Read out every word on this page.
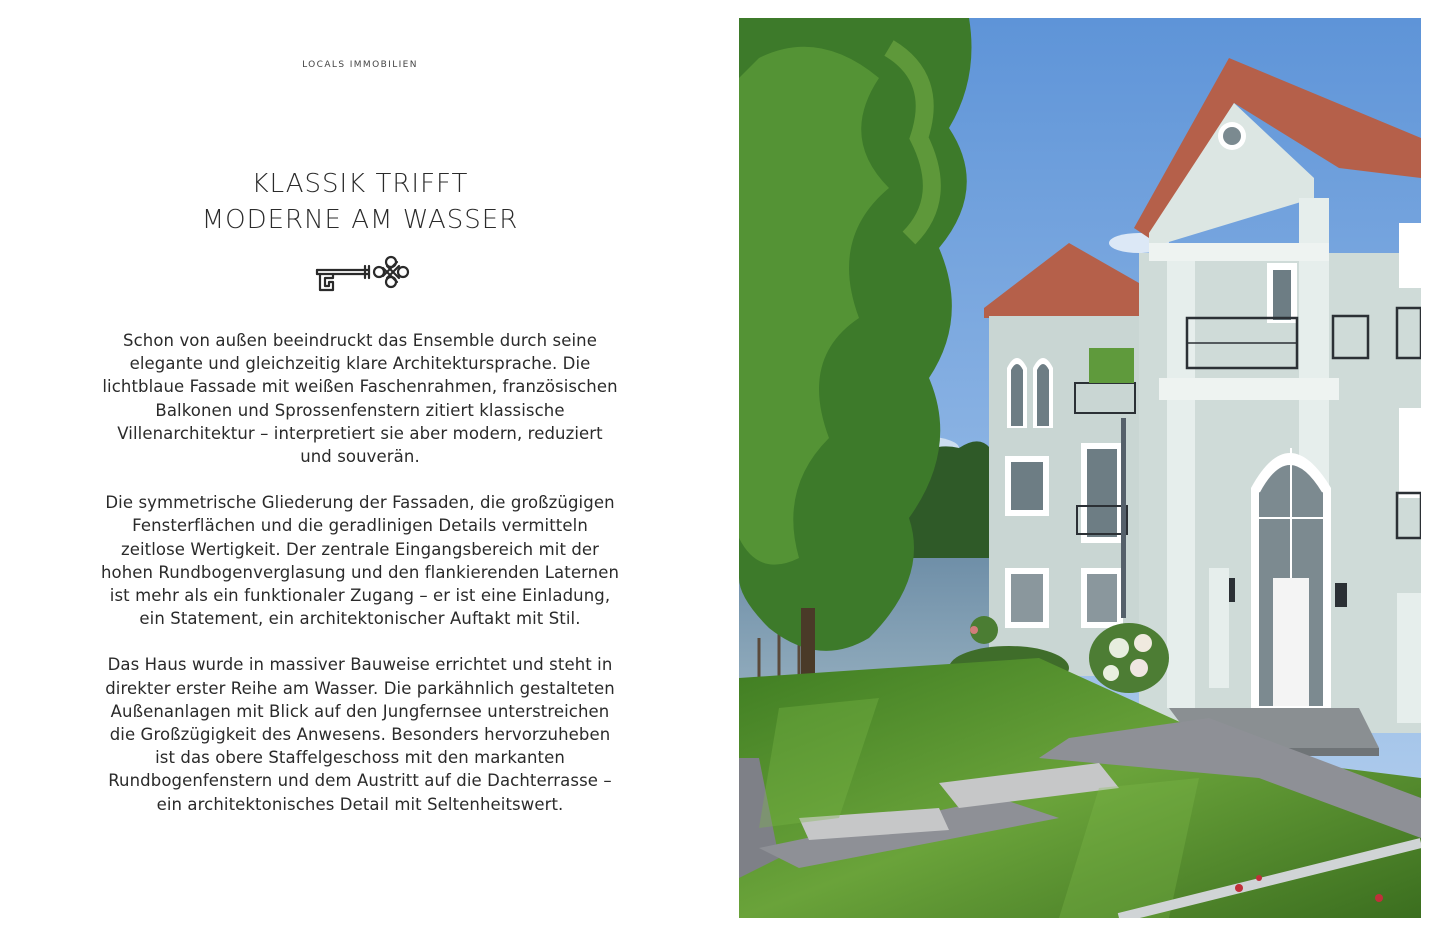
LOCALS IMMOBILIEN
KLASSIK TRIFFT
MODERNE AM WASSER

Schon von außen beeindruckt das Ensemble durch seine elegante und gleichzeitig klare Architektursprache. Die lichtblaue Fassade mit weißen Faschenrahmen, französischen Balkonen und Sprossenfenstern zitiert klassische Villenarchitektur – interpretiert sie aber modern, reduziert und souverän.

Die symmetrische Gliederung der Fassaden, die großzügigen Fensterflächen und die geradlinigen Details vermitteln zeitlose Wertigkeit. Der zentrale Eingangsbereich mit der hohen Rundbogenverglasung und den flankierenden Laternen ist mehr als ein funktionaler Zugang – er ist eine Einladung, ein Statement, ein architektonischer Auftakt mit Stil.

Das Haus wurde in massiver Bauweise errichtet und steht in direkter erster Reihe am Wasser. Die parkähnlich gestalteten Außenanlagen mit Blick auf den Jungfernsee unterstreichen die Großzügigkeit des Anwesens. Besonders hervorzuheben ist das obere Staffelgeschoss mit den markanten Rundbogenfenstern und dem Austritt auf die Dachterrasse – ein architektonisches Detail mit Seltenheitswert.
